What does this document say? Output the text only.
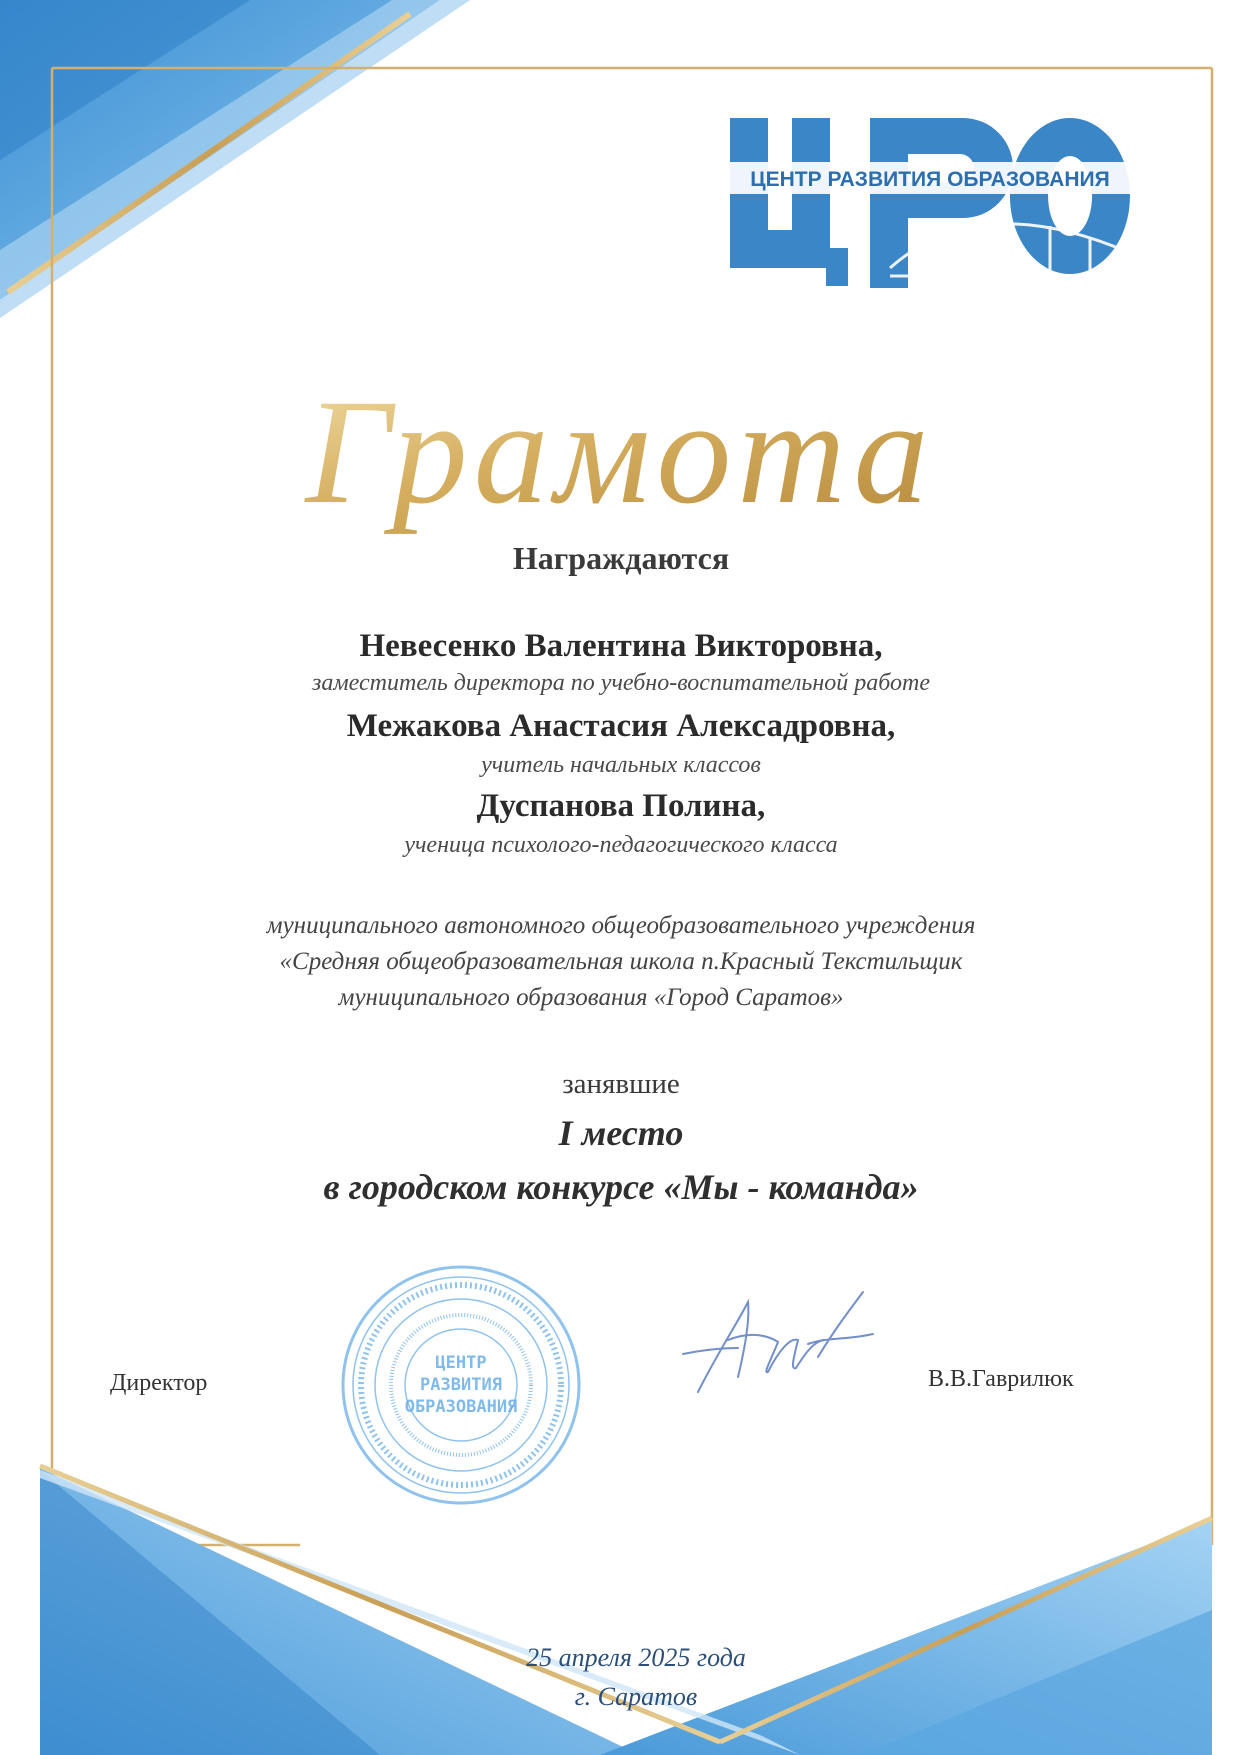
ЦЕНТР РАЗВИТИЯ ОБРАЗОВАНИЯ
Грамота
Награждаются
Невесенко Валентина Викторовна,
заместитель директора по учебно-воспитательной работе
Межакова Анастасия Алексадровна,
учитель начальных классов
Дуспанова Полина,
ученица психолого-педагогического класса
муниципального автономного общеобразовательного учреждения
«Средняя общеобразовательная школа п.Красный Текстильщик
муниципального образования «Город Саратов»
занявшие
I место
в городском конкурсе «Мы - команда»
ЦЕНТР
РАЗВИТИЯ
ОБРАЗОВАНИЯ
Директор	В.В.Гаврилюк
25 апреля 2025 года
г. Саратов
